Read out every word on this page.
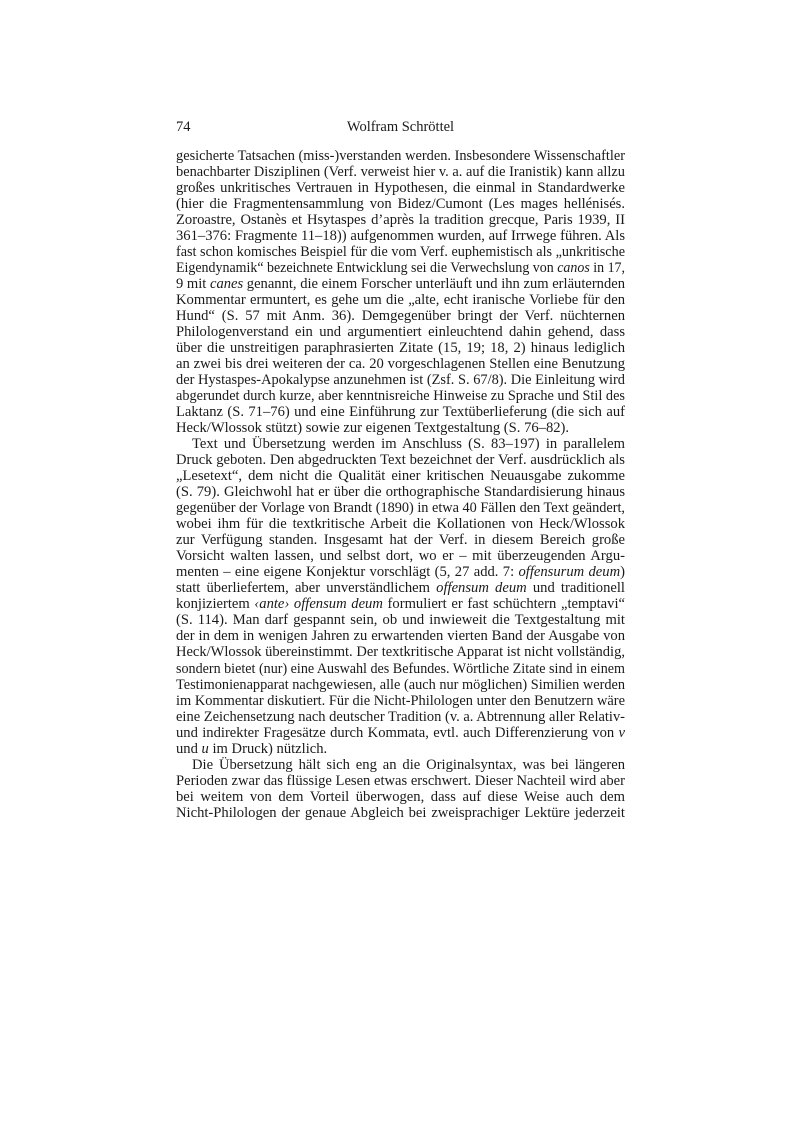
74	Wolfram Schröttel
gesicherte Tatsachen (miss-)verstanden werden. Insbesondere Wissenschaftler
benachbarter Disziplinen (Verf. verweist hier v. a. auf die Iranistik) kann allzu
großes unkritisches Vertrauen in Hypothesen, die einmal in Standardwerke
(hier die Fragmentensammlung von Bidez/Cumont (Les mages hellénisés.
Zoroastre, Ostanès et Hsytaspes d’après la tradition grecque, Paris 1939, II
361–376: Fragmente 11–18)) aufgenommen wurden, auf Irrwege führen. Als
fast schon komisches Beispiel für die vom Verf. euphemistisch als „unkritische
Eigendynamik“ bezeichnete Entwicklung sei die Verwechslung von canos in 17,
9 mit canes genannt, die einem Forscher unterläuft und ihn zum erläuternden
Kommentar ermuntert, es gehe um die „alte, echt iranische Vorliebe für den
Hund“ (S. 57 mit Anm. 36). Demgegenüber bringt der Verf. nüchternen
Philologenverstand ein und argumentiert einleuchtend dahin gehend, dass
über die unstreitigen paraphrasierten Zitate (15, 19; 18, 2) hinaus lediglich
an zwei bis drei weiteren der ca. 20 vorgeschlagenen Stellen eine Benutzung
der Hystaspes-Apokalypse anzunehmen ist (Zsf. S. 67/8). Die Einleitung wird
abgerundet durch kurze, aber kenntnisreiche Hinweise zu Sprache und Stil des
Laktanz (S. 71–76) und eine Einführung zur Textüberlieferung (die sich auf
Heck/Wlossok stützt) sowie zur eigenen Textgestaltung (S. 76–82).
Text und Übersetzung werden im Anschluss (S. 83–197) in parallelem
Druck geboten. Den abgedruckten Text bezeichnet der Verf. ausdrücklich als
„Lesetext“, dem nicht die Qualität einer kritischen Neuausgabe zukomme
(S. 79). Gleichwohl hat er über die orthographische Standardisierung hinaus
gegenüber der Vorlage von Brandt (1890) in etwa 40 Fällen den Text geändert,
wobei ihm für die textkritische Arbeit die Kollationen von Heck/Wlossok
zur Verfügung standen. Insgesamt hat der Verf. in diesem Bereich große
Vorsicht walten lassen, und selbst dort, wo er – mit überzeugenden Argu-
menten – eine eigene Konjektur vorschlägt (5, 27 add. 7: offensurum deum)
statt überliefertem, aber unverständlichem offensum deum und traditionell
konjiziertem ‹ante› offensum deum formuliert er fast schüchtern „temptavi“
(S. 114). Man darf gespannt sein, ob und inwieweit die Textgestaltung mit
der in dem in wenigen Jahren zu erwartenden vierten Band der Ausgabe von
Heck/Wlossok übereinstimmt. Der textkritische Apparat ist nicht vollständig,
sondern bietet (nur) eine Auswahl des Befundes. Wörtliche Zitate sind in einem
Testimonienapparat nachgewiesen, alle (auch nur möglichen) Similien werden
im Kommentar diskutiert. Für die Nicht-Philologen unter den Benutzern wäre
eine Zeichensetzung nach deutscher Tradition (v. a. Abtrennung aller Relativ-
und indirekter Fragesätze durch Kommata, evtl. auch Differenzierung von v
und u im Druck) nützlich.
Die Übersetzung hält sich eng an die Originalsyntax, was bei längeren
Perioden zwar das flüssige Lesen etwas erschwert. Dieser Nachteil wird aber
bei weitem von dem Vorteil überwogen, dass auf diese Weise auch dem
Nicht-Philologen der genaue Abgleich bei zweisprachiger Lektüre jederzeit
